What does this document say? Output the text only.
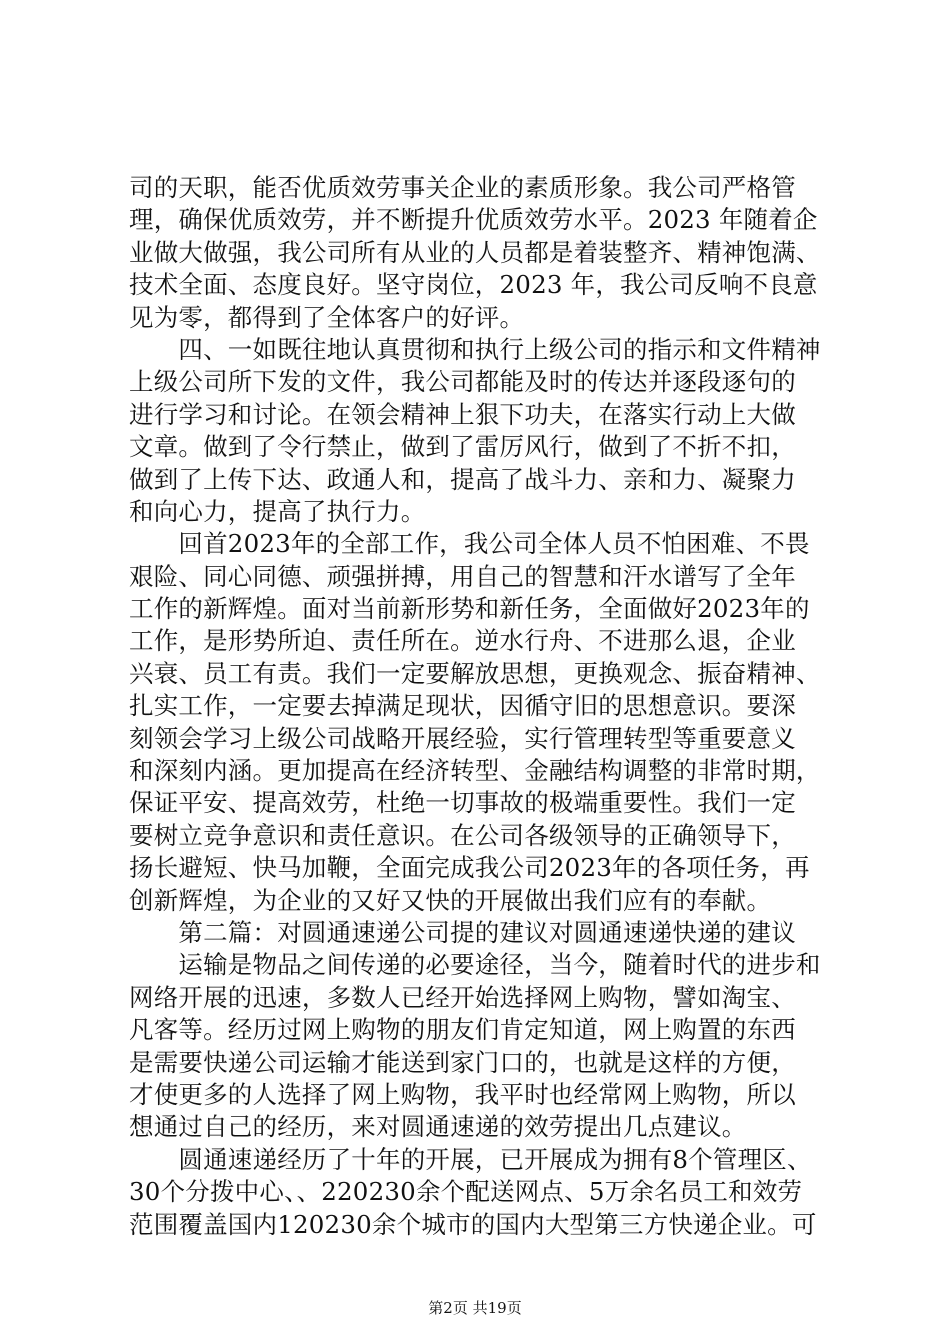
司的天职，能否优质效劳事关企业的素质形象。我公司严格管
理，确保优质效劳，并不断提升优质效劳水平。2023 年随着企
业做大做强，我公司所有从业的人员都是着装整齐、精神饱满、
技术全面、态度良好。坚守岗位，2023 年，我公司反响不良意
见为零，都得到了全体客户的好评。
　　四、一如既往地认真贯彻和执行上级公司的指示和文件精神
上级公司所下发的文件，我公司都能及时的传达并逐段逐句的
进行学习和讨论。在领会精神上狠下功夫，在落实行动上大做
文章。做到了令行禁止，做到了雷厉风行，做到了不折不扣，
做到了上传下达、政通人和，提高了战斗力、亲和力、凝聚力
和向心力，提高了执行力。
　　回首2023年的全部工作，我公司全体人员不怕困难、不畏
艰险、同心同德、顽强拼搏，用自己的智慧和汗水谱写了全年
工作的新辉煌。面对当前新形势和新任务，全面做好2023年的
工作，是形势所迫、责任所在。逆水行舟、不进那么退，企业
兴衰、员工有责。我们一定要解放思想，更换观念、振奋精神、
扎实工作，一定要去掉满足现状，因循守旧的思想意识。要深
刻领会学习上级公司战略开展经验，实行管理转型等重要意义
和深刻内涵。更加提高在经济转型、金融结构调整的非常时期，
保证平安、提高效劳，杜绝一切事故的极端重要性。我们一定
要树立竞争意识和责任意识。在公司各级领导的正确领导下，
扬长避短、快马加鞭，全面完成我公司2023年的各项任务，再
创新辉煌，为企业的又好又快的开展做出我们应有的奉献。
　　第二篇：对圆通速递公司提的建议对圆通速递快递的建议
　　运输是物品之间传递的必要途径，当今，随着时代的进步和
网络开展的迅速，多数人已经开始选择网上购物，譬如淘宝、
凡客等。经历过网上购物的朋友们肯定知道，网上购置的东西
是需要快递公司运输才能送到家门口的，也就是这样的方便，
才使更多的人选择了网上购物，我平时也经常网上购物，所以
想通过自己的经历，来对圆通速递的效劳提出几点建议。
　　圆通速递经历了十年的开展，已开展成为拥有8个管理区、
30个分拨中心、、220230余个配送网点、5万余名员工和效劳
范围覆盖国内120230余个城市的国内大型第三方快递企业。可
第2页 共19页
